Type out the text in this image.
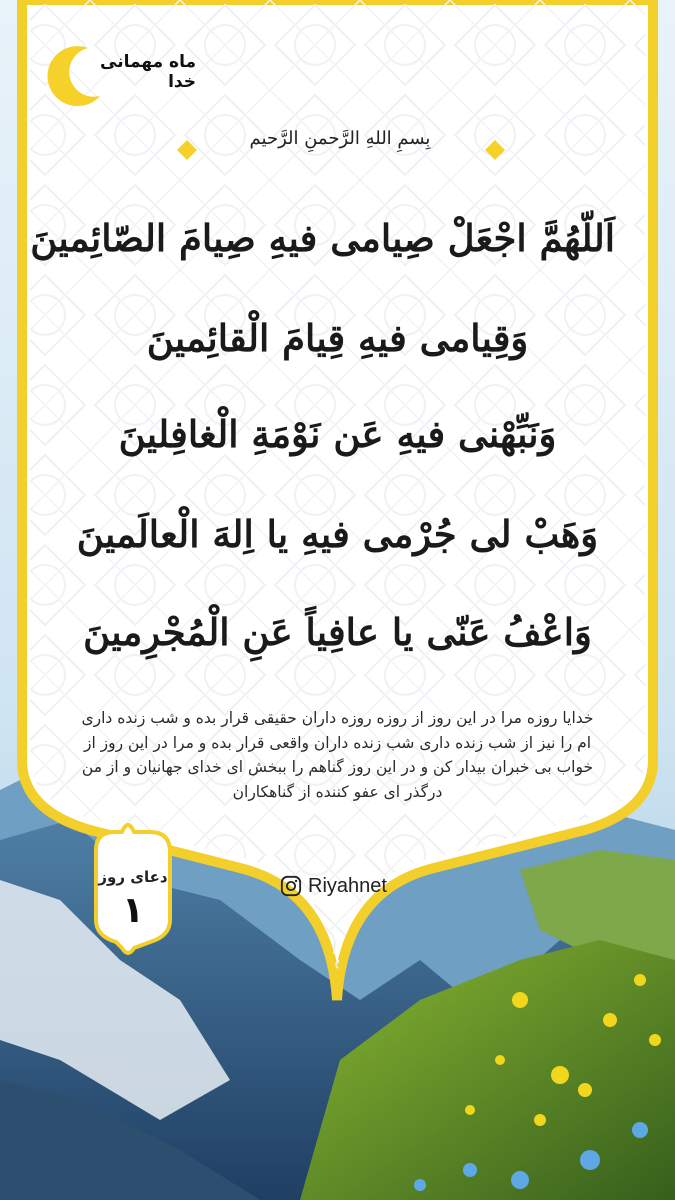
ماه مهمانی خدا
بِسمِ اللهِ الرَّحمنِ الرَّحیم
اَللّهُمَّ اجْعَلْ صِیامی فیهِ صِیامَ الصّائِمینَ
وَقِیامی فیهِ قِیامَ الْقائِمینَ
وَنَبِّهْنی فیهِ عَن نَوْمَةِ الْغافِلینَ
وَهَبْ لی جُرْمی فیهِ یا اِلهَ الْعالَمینَ
وَاعْفُ عَنّی یا عافِیاً عَنِ الْمُجْرِمینَ
خدایا روزه مرا در این روز از روزه روزه داران حقیقی قرار بده و شب زنده داری ام را نیز از شب زنده داری شب زنده داران واقعی قرار بده و مرا در این روز از خواب بی خبران بیدار کن و در این روز گناهم را ببخش ای خدای جهانیان و از من درگذر ای عفو کننده از گناهکاران
Riyahnet
دعای روز
۱
